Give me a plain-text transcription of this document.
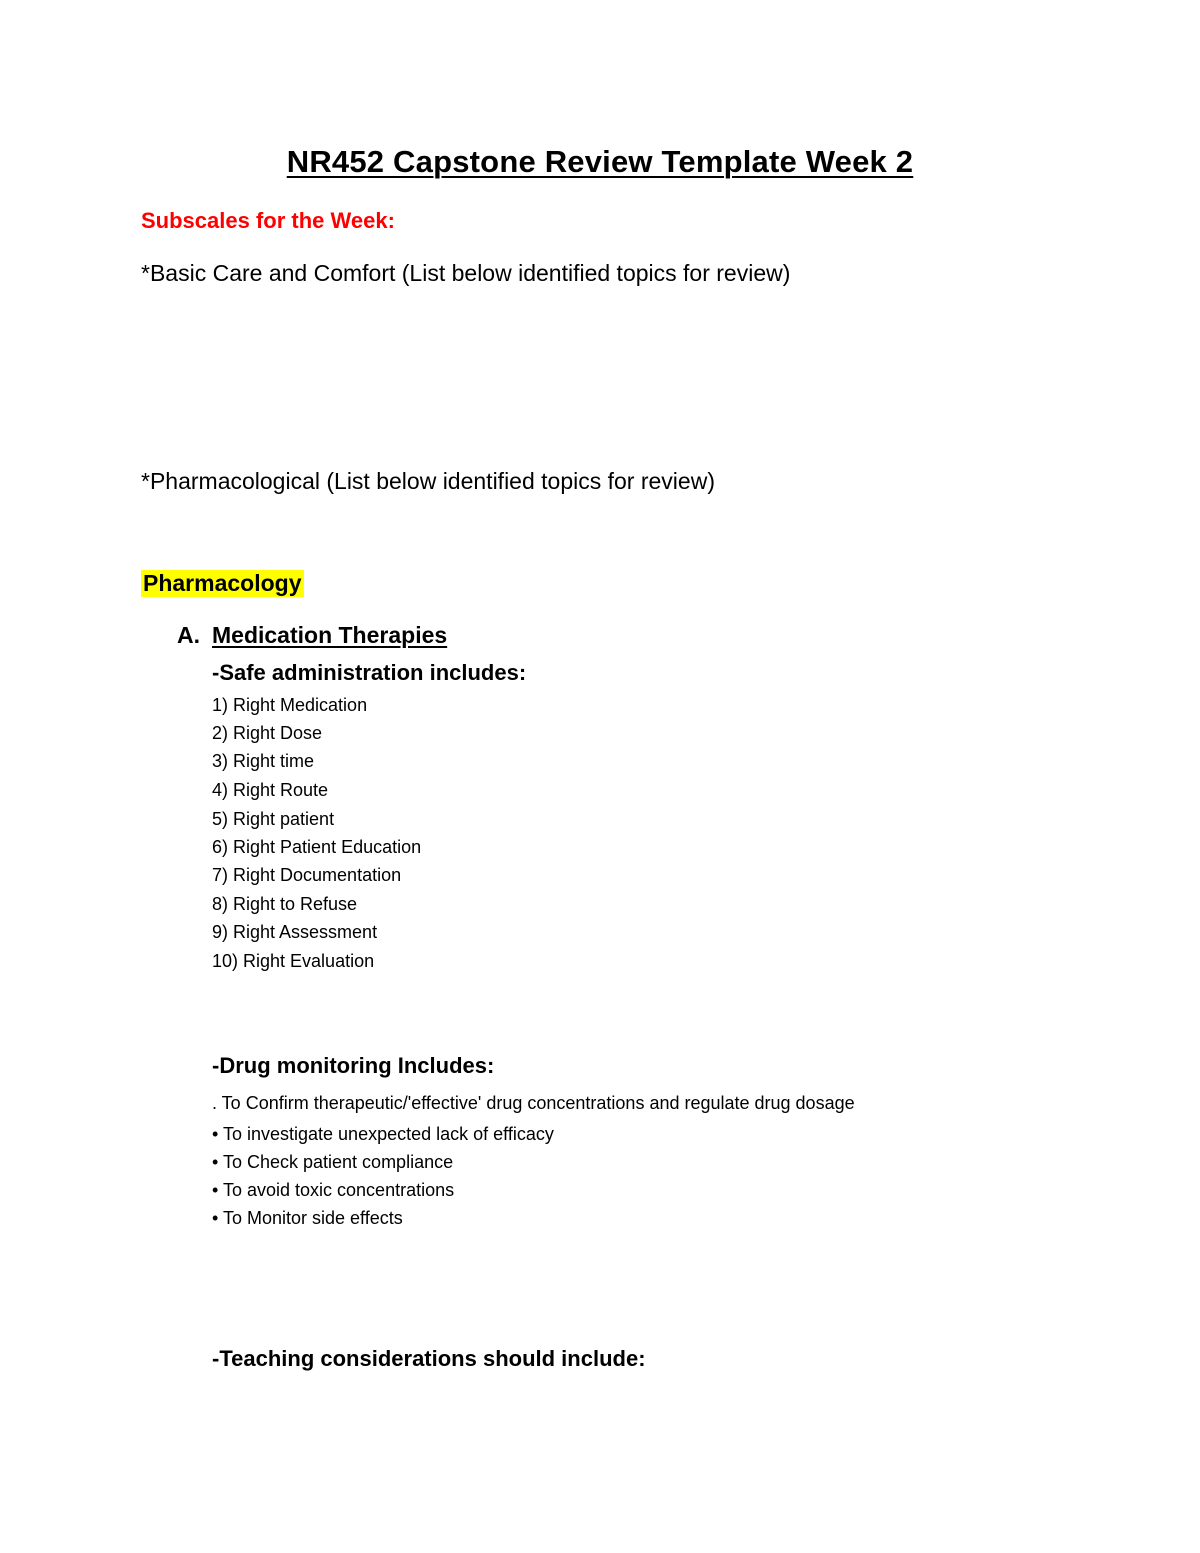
NR452 Capstone Review Template Week 2

Subscales for the Week:

*Basic Care and Comfort (List below identified topics for review)

*Pharmacological (List below identified topics for review)

Pharmacology

A. Medication Therapies

-Safe administration includes:

1) Right Medication

2) Right Dose

3) Right time

4) Right Route

5) Right patient

6) Right Patient Education

7) Right Documentation

8) Right to Refuse

9) Right Assessment

10) Right Evaluation

-Drug monitoring Includes:

. To Confirm therapeutic/'effective' drug concentrations and regulate drug dosage

• To investigate unexpected lack of efficacy

• To Check patient compliance

• To avoid toxic concentrations

• To Monitor side effects

-Teaching considerations should include:
